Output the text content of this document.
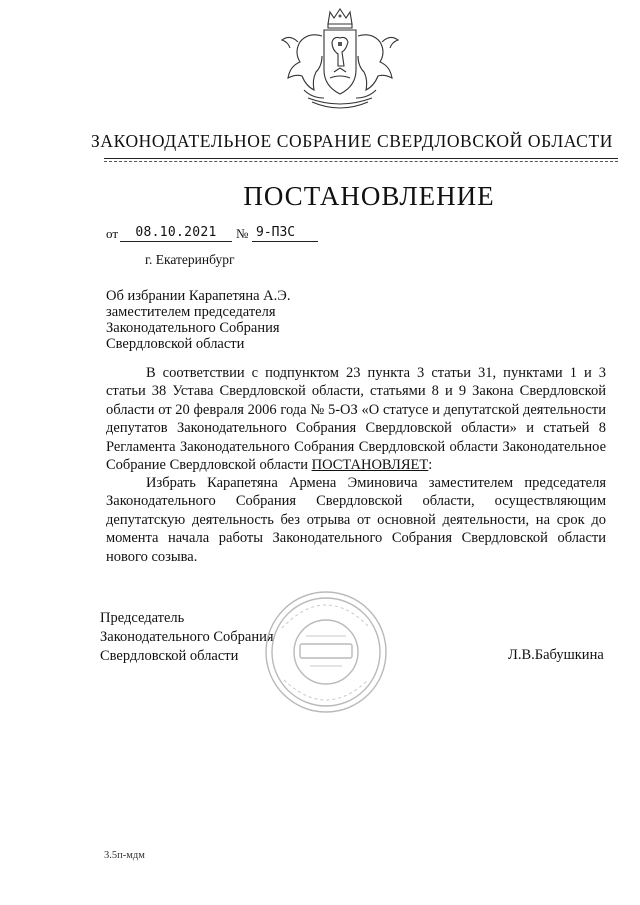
ЗАКОНОДАТЕЛЬНОЕ СОБРАНИЕ СВЕРДЛОВСКОЙ ОБЛАСТИ
ПОСТАНОВЛЕНИЕ
от	08.10.2021	№ 9-ПЗС
г. Екатеринбург
Об избрании Карапетяна А.Э.
заместителем председателя
Законодательного Собрания
Свердловской области

В соответствии с подпунктом 23 пункта 3 статьи 31, пунктами 1 и 3 статьи 38 Устава Свердловской области, статьями 8 и 9 Закона Свердловской области от 20 февраля 2006 года № 5-ОЗ «О статусе и депутатской деятельности депутатов Законодательного Собрания Свердловской области» и статьей 8 Регламента Законодательного Собрания Свердловской области Законодательное Собрание Свердловской области ПОСТАНОВЛЯЕТ:

Избрать Карапетяна Армена Эминовича заместителем председателя Законодательного Собрания Свердловской области, осуществляющим депутатскую деятельность без отрыва от основной деятельности, на срок до момента начала работы Законодательного Собрания Свердловской области нового созыва.

Председатель
Законодательного Собрания
Свердловской области	Л.В.Бабушкина
3.5п-мдм
